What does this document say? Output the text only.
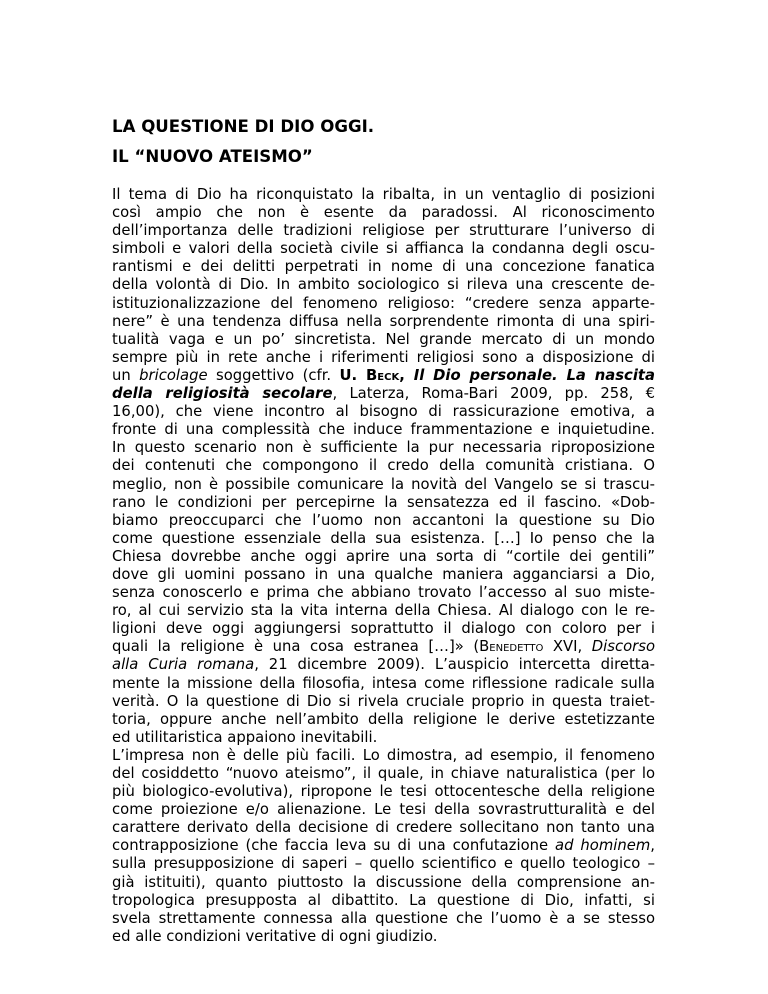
LA QUESTIONE DI DIO OGGI.
IL “NUOVO ATEISMO”
Il tema di Dio ha riconquistato la ribalta, in un ventaglio di posizioni
così ampio che non è esente da paradossi. Al riconoscimento
dell’importanza delle tradizioni religiose per strutturare l’universo di
simboli e valori della società civile si affianca la condanna degli oscu-
rantismi e dei delitti perpetrati in nome di una concezione fanatica
della volontà di Dio. In ambito sociologico si rileva una crescente de-
istituzionalizzazione del fenomeno religioso: “credere senza apparte-
nere” è una tendenza diffusa nella sorprendente rimonta di una spiri-
tualità vaga e un po’ sincretista. Nel grande mercato di un mondo
sempre più in rete anche i riferimenti religiosi sono a disposizione di
un bricolage soggettivo (cfr. U. Beck, Il Dio personale. La nascita
della religiosità secolare, Laterza, Roma-Bari 2009, pp. 258, €
16,00), che viene incontro al bisogno di rassicurazione emotiva, a
fronte di una complessità che induce frammentazione e inquietudine.
In questo scenario non è sufficiente la pur necessaria riproposizione
dei contenuti che compongono il credo della comunità cristiana. O
meglio, non è possibile comunicare la novità del Vangelo se si trascu-
rano le condizioni per percepirne la sensatezza ed il fascino. «Dob-
biamo preoccuparci che l’uomo non accantoni la questione su Dio
come questione essenziale della sua esistenza. […] Io penso che la
Chiesa dovrebbe anche oggi aprire una sorta di “cortile dei gentili”
dove gli uomini possano in una qualche maniera agganciarsi a Dio,
senza conoscerlo e prima che abbiano trovato l’accesso al suo miste-
ro, al cui servizio sta la vita interna della Chiesa. Al dialogo con le re-
ligioni deve oggi aggiungersi soprattutto il dialogo con coloro per i
quali la religione è una cosa estranea […]» (Benedetto XVI, Discorso
alla Curia romana, 21 dicembre 2009). L’auspicio intercetta diretta-
mente la missione della filosofia, intesa come riflessione radicale sulla
verità. O la questione di Dio si rivela cruciale proprio in questa traiet-
toria, oppure anche nell’ambito della religione le derive estetizzante
ed utilitaristica appaiono inevitabili.
L’impresa non è delle più facili. Lo dimostra, ad esempio, il fenomeno
del cosiddetto “nuovo ateismo”, il quale, in chiave naturalistica (per lo
più biologico-evolutiva), ripropone le tesi ottocentesche della religione
come proiezione e/o alienazione. Le tesi della sovrastrutturalità e del
carattere derivato della decisione di credere sollecitano non tanto una
contrapposizione (che faccia leva su di una confutazione ad hominem,
sulla presupposizione di saperi – quello scientifico e quello teologico –
già istituiti), quanto piuttosto la discussione della comprensione an-
tropologica presupposta al dibattito. La questione di Dio, infatti, si
svela strettamente connessa alla questione che l’uomo è a se stesso
ed alle condizioni veritative di ogni giudizio.
